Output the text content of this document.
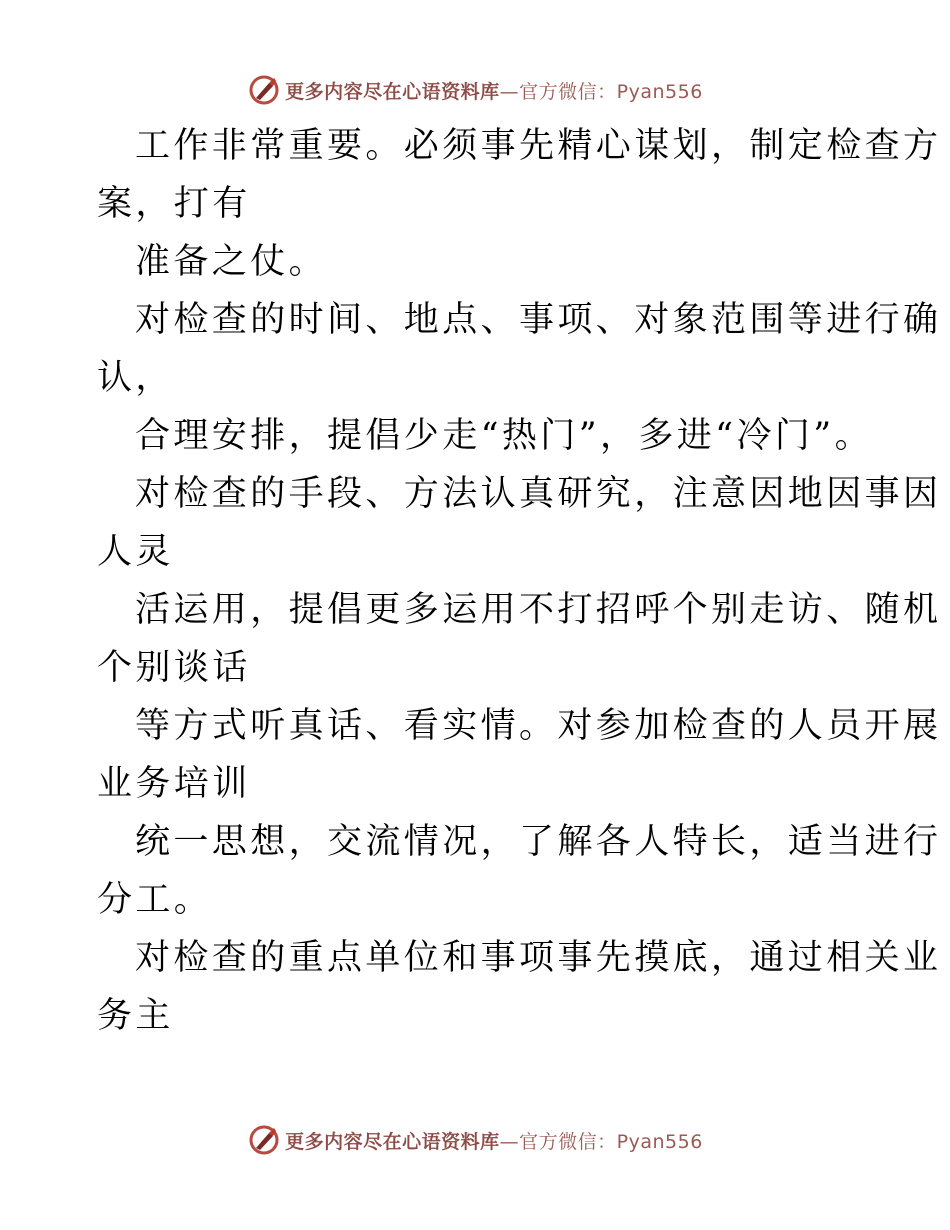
更多内容尽在心语资料库—官方微信：Pyan556
工作非常重要。必须事先精心谋划，制定检查方
案，打有
准备之仗。
对检查的时间、地点、事项、对象范围等进行确
认，
合理安排，提倡少走“热门”，多进“冷门”。
对检查的手段、方法认真研究，注意因地因事因
人灵
活运用，提倡更多运用不打招呼个别走访、随机
个别谈话
等方式听真话、看实情。对参加检查的人员开展
业务培训
统一思想，交流情况，了解各人特长，适当进行
分工。
对检查的重点单位和事项事先摸底，通过相关业
务主
更多内容尽在心语资料库—官方微信：Pyan556
